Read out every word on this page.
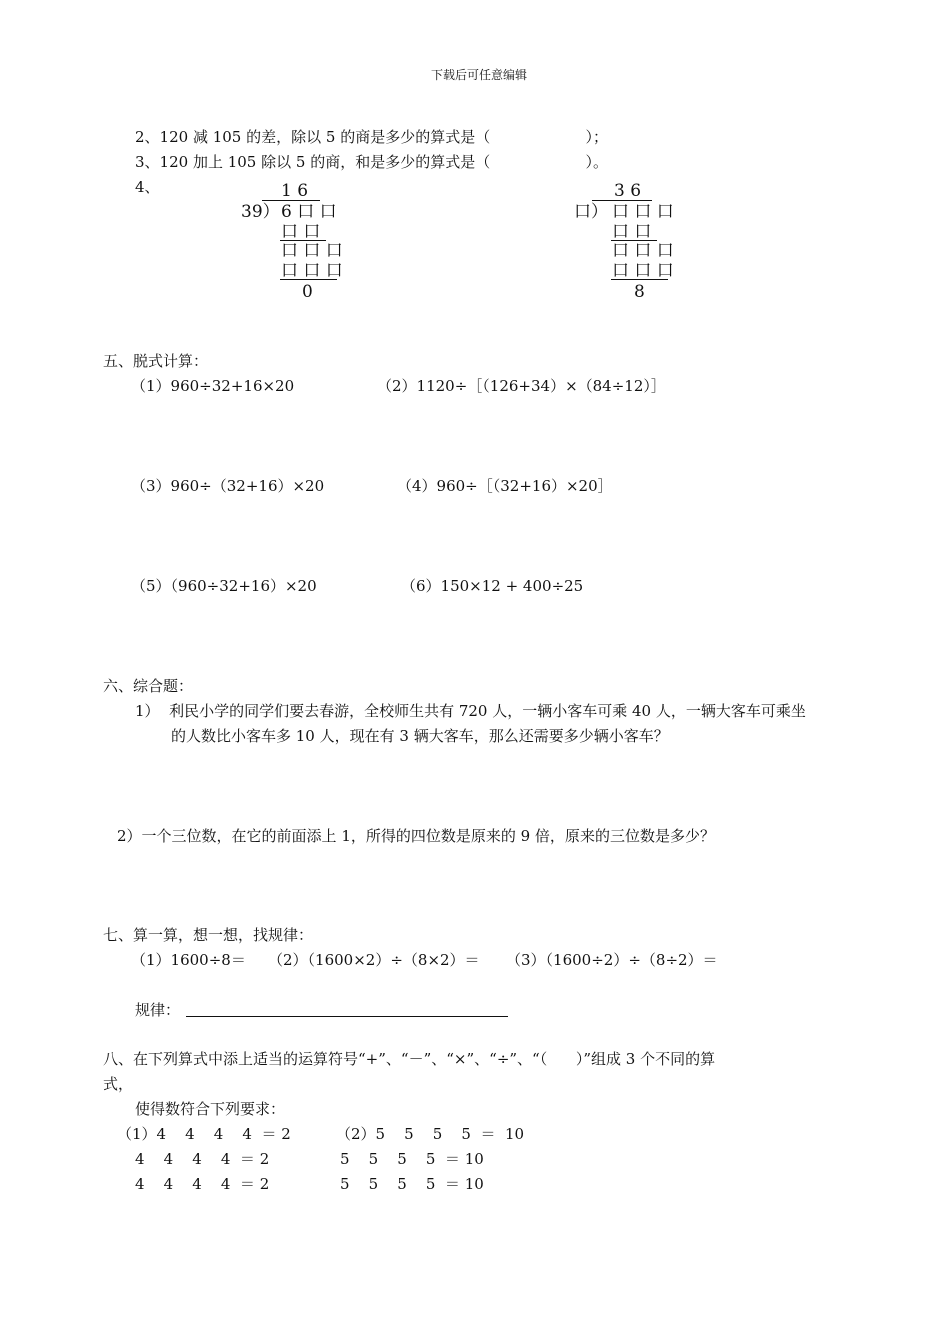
下载后可任意编辑
2、120 减 105 的差，除以 5 的商是多少的算式是（                    ）；
3、120 加上 105 除以 5 的商，和是多少的算式是（                    ）。
4、	1 6
39） 6 口 口
口 口
口 口 口
口 口 口
0
3 6
口） 口 口 口
口 口
口 口 口
口 口 口
8
五、脱式计算：
（1）960÷32+16×20	（2）1120÷［（126+34）×（84÷12）］
（3）960÷（32+16）×20	（4）960÷［（32+16）×20］
（5）（960÷32+16）×20	（6）150×12 + 400÷25
六、综合题：
1）  利民小学的同学们要去春游，全校师生共有 720 人，一辆小客车可乘 40 人，一辆大客车可乘坐
的人数比小客车多 10 人，现在有 3 辆大客车，那么还需要多少辆小客车？
2）一个三位数，在它的前面添上 1，所得的四位数是原来的 9 倍，原来的三位数是多少？
七、算一算，想一想，找规律：
（1）1600÷8＝ （2）（1600×2）÷（8×2）＝ （3）（1600÷2）÷（8÷2）＝
规律：
八、在下列算式中添上适当的运算符号“+”、“－”、“×”、“÷”、“（      ）”组成 3 个不同的算
式，
使得数符合下列要求：
（1）4    4    4    4  ＝ 2	（2）5    5    5    5  ＝  10
4    4    4    4  ＝ 2	5    5    5    5  ＝ 10
4    4    4    4  ＝ 2	5    5    5    5  ＝ 10
